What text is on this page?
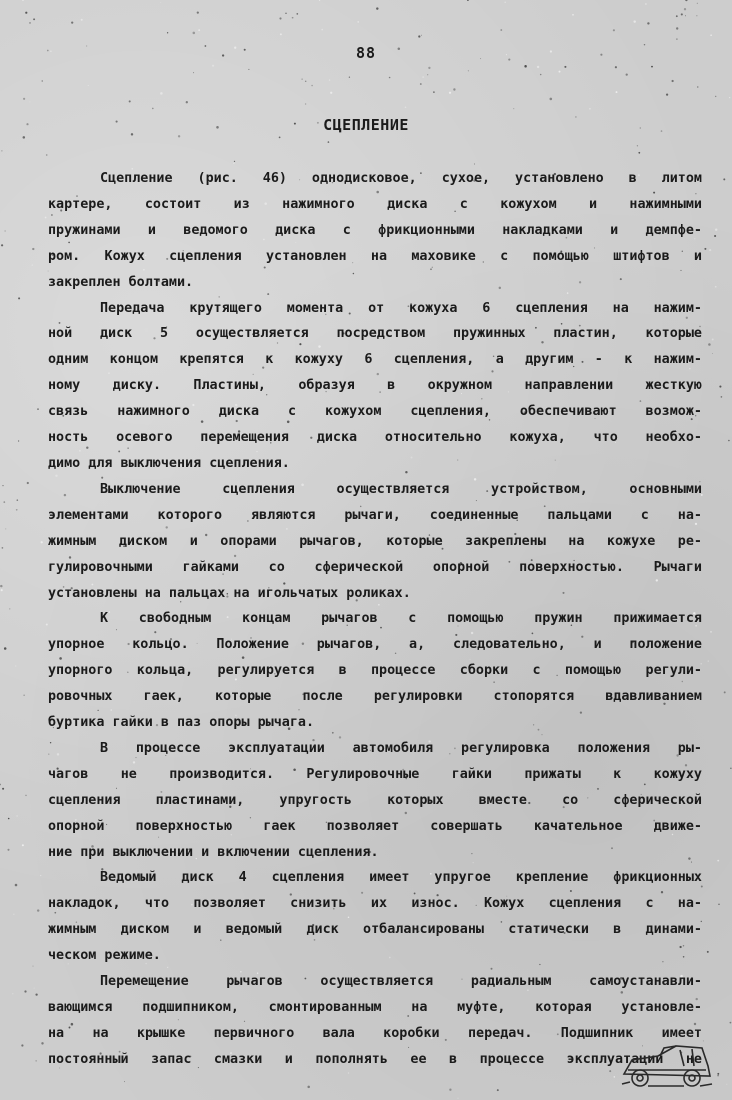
88
СЦЕПЛЕНИЕ
Сцепление (рис. 46) однодисковое, сухое, установлено в литом
картере, состоит из нажимного диска с кожухом и нажимными
пружинами и ведомого диска с фрикционными накладками и демпфе-
ром. Кожух сцепления установлен на маховике с помощью штифтов и
закреплен болтами.
Передача крутящего момента от кожуха 6 сцепления на нажим-
ной диск 5 осуществляется посредством пружинных пластин, которые
одним концом крепятся к кожуху 6 сцепления, а другим - к нажим-
ному диску. Пластины, образуя в окружном направлении жесткую
связь нажимного диска с кожухом сцепления, обеспечивают возмож-
ность осевого перемещения диска относительно кожуха, что необхо-
димо для выключения сцепления.
Выключение сцепления осуществляется устройством, основными
элементами которого являются рычаги, соединенные пальцами с на-
жимным диском и опорами рычагов, которые закреплены на кожухе ре-
гулировочными гайками со сферической опорной поверхностью. Рычаги
установлены на пальцах на игольчатых роликах.
К свободным концам рычагов с помощью пружин прижимается
упорное кольцо. Положение рычагов, а, следовательно, и положение
упорного кольца, регулируется в процессе сборки с помощью регули-
ровочных гаек, которые после регулировки стопорятся вдавливанием
буртика гайки в паз опоры рычага.
В процессе эксплуатации автомобиля регулировка положения ры-
чагов не производится. Регулировочные гайки прижаты к кожуху
сцепления пластинами, упругость которых вместе со сферической
опорной поверхностью гаек позволяет совершать качательное движе-
ние при выключении и включении сцепления.
Ведомый диск 4 сцепления имеет упругое крепление фрикционных
накладок, что позволяет снизить их износ. Кожух сцепления с на-
жимным диском и ведомый диск отбалансированы статически в динами-
ческом режиме.
Перемещение рычагов осуществляется радиальным самоустанавли-
вающимся подшипником, смонтированным на муфте, которая установле-
на на крышке первичного вала коробки передач. Подшипник имеет
постоянный запас смазки и пополнять ее в процессе эксплуатации не
